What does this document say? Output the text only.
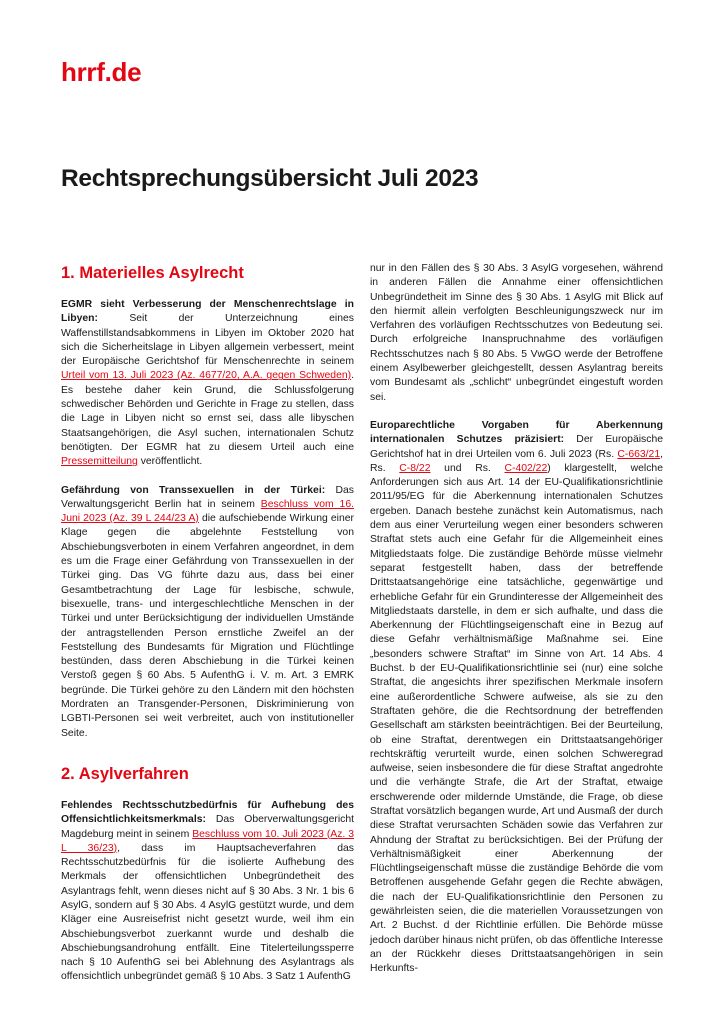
hrrf.de
Rechtsprechungsübersicht Juli 2023
1. Materielles Asylrecht

EGMR sieht Verbesserung der Menschenrechtslage in Libyen: Seit der Unterzeichnung eines Waffenstillstandsabkommens in Libyen im Oktober 2020 hat sich die Sicherheitslage in Libyen allgemein verbessert, meint der Europäische Gerichtshof für Menschenrechte in seinem Urteil vom 13. Juli 2023 (Az. 4677/20, A.A. gegen Schweden). Es bestehe daher kein Grund, die Schlussfolgerung schwedischer Behörden und Gerichte in Frage zu stellen, dass die Lage in Libyen nicht so ernst sei, dass alle libyschen Staatsangehörigen, die Asyl suchen, internationalen Schutz benötigten. Der EGMR hat zu diesem Urteil auch eine Pressemitteilung veröffentlicht.

Gefährdung von Transsexuellen in der Türkei: Das Verwaltungsgericht Berlin hat in seinem Beschluss vom 16. Juni 2023 (Az. 39 L 244/23 A) die aufschiebende Wirkung einer Klage gegen die abgelehnte Feststellung von Abschiebungsverboten in einem Verfahren angeordnet, in dem es um die Frage einer Gefährdung von Transsexuellen in der Türkei ging. Das VG führte dazu aus, dass bei einer Gesamtbetrachtung der Lage für lesbische, schwule, bisexuelle, trans- und intergeschlechtliche Menschen in der Türkei und unter Berücksichtigung der individuellen Umstände der antragstellenden Person ernstliche Zweifel an der Feststellung des Bundesamts für Migration und Flüchtlinge bestünden, dass deren Abschiebung in die Türkei keinen Verstoß gegen § 60 Abs. 5 AufenthG i. V. m. Art. 3 EMRK begründe. Die Türkei gehöre zu den Ländern mit den höchsten Mordraten an Transgender-Personen, Diskriminierung von LGBTI-Personen sei weit verbreitet, auch von institutioneller Seite.

2. Asylverfahren

Fehlendes Rechtsschutzbedürfnis für Aufhebung des Offensichtlichkeitsmerkmals: Das Oberverwaltungsgericht Magdeburg meint in seinem Beschluss vom 10. Juli 2023 (Az. 3 L 36/23), dass im Hauptsacheverfahren das Rechtsschutzbedürfnis für die isolierte Aufhebung des Merkmals der offensichtlichen Unbegründetheit des Asylantrags fehlt, wenn dieses nicht auf § 30 Abs. 3 Nr. 1 bis 6 AsylG, sondern auf § 30 Abs. 4 AsylG gestützt wurde, und dem Kläger eine Ausreisefrist nicht gesetzt wurde, weil ihm ein Abschiebungsverbot zuerkannt wurde und deshalb die Abschiebungsandrohung entfällt. Eine Titelerteilungssperre nach § 10 AufenthG sei bei Ablehnung des Asylantrags als offensichtlich unbegründet gemäß § 10 Abs. 3 Satz 1 AufenthG

nur in den Fällen des § 30 Abs. 3 AsylG vorgesehen, während in anderen Fällen die Annahme einer offensichtlichen Unbegründetheit im Sinne des § 30 Abs. 1 AsylG mit Blick auf den hiermit allein verfolgten Beschleunigungszweck nur im Verfahren des vorläufigen Rechtsschutzes von Bedeutung sei. Durch erfolgreiche Inanspruchnahme des vorläufigen Rechtsschutzes nach § 80 Abs. 5 VwGO werde der Betroffene einem Asylbewerber gleichgestellt, dessen Asylantrag bereits vom Bundesamt als „schlicht“ unbegründet eingestuft worden sei.

Europarechtliche Vorgaben für Aberkennung internationalen Schutzes präzisiert: Der Europäische Gerichtshof hat in drei Urteilen vom 6. Juli 2023 (Rs. C-663/21, Rs. C-8/22 und Rs. C-402/22) klargestellt, welche Anforderungen sich aus Art. 14 der EU-Qualifikationsrichtlinie 2011/95/EG für die Aberkennung internationalen Schutzes ergeben. Danach bestehe zunächst kein Automatismus, nach dem aus einer Verurteilung wegen einer besonders schweren Straftat stets auch eine Gefahr für die Allgemeinheit eines Mitgliedstaats folge. Die zuständige Behörde müsse vielmehr separat festgestellt haben, dass der betreffende Drittstaatsangehörige eine tatsächliche, gegenwärtige und erhebliche Gefahr für ein Grundinteresse der Allgemeinheit des Mitgliedstaats darstelle, in dem er sich aufhalte, und dass die Aberkennung der Flüchtlingseigenschaft eine in Bezug auf diese Gefahr verhältnismäßige Maßnahme sei. Eine „besonders schwere Straftat“ im Sinne von Art. 14 Abs. 4 Buchst. b der EU-Qualifikationsrichtlinie sei (nur) eine solche Straftat, die angesichts ihrer spezifischen Merkmale insofern eine außerordentliche Schwere aufweise, als sie zu den Straftaten gehöre, die die Rechtsordnung der betreffenden Gesellschaft am stärksten beeinträchtigen. Bei der Beurteilung, ob eine Straftat, derentwegen ein Drittstaatsangehöriger rechtskräftig verurteilt wurde, einen solchen Schweregrad aufweise, seien insbesondere die für diese Straftat angedrohte und die verhängte Strafe, die Art der Straftat, etwaige erschwerende oder mildernde Umstände, die Frage, ob diese Straftat vorsätzlich begangen wurde, Art und Ausmaß der durch diese Straftat verursachten Schäden sowie das Verfahren zur Ahndung der Straftat zu berücksichtigen. Bei der Prüfung der Verhältnismäßigkeit einer Aberkennung der Flüchtlingseigenschaft müsse die zuständige Behörde die vom Betroffenen ausgehende Gefahr gegen die Rechte abwägen, die nach der EU-Qualifikationsrichtlinie den Personen zu gewährleisten seien, die die materiellen Voraussetzungen von Art. 2 Buchst. d der Richtlinie erfüllen. Die Behörde müsse jedoch darüber hinaus nicht prüfen, ob das öffentliche Interesse an der Rückkehr dieses Drittstaatsangehörigen in sein Herkunfts-
